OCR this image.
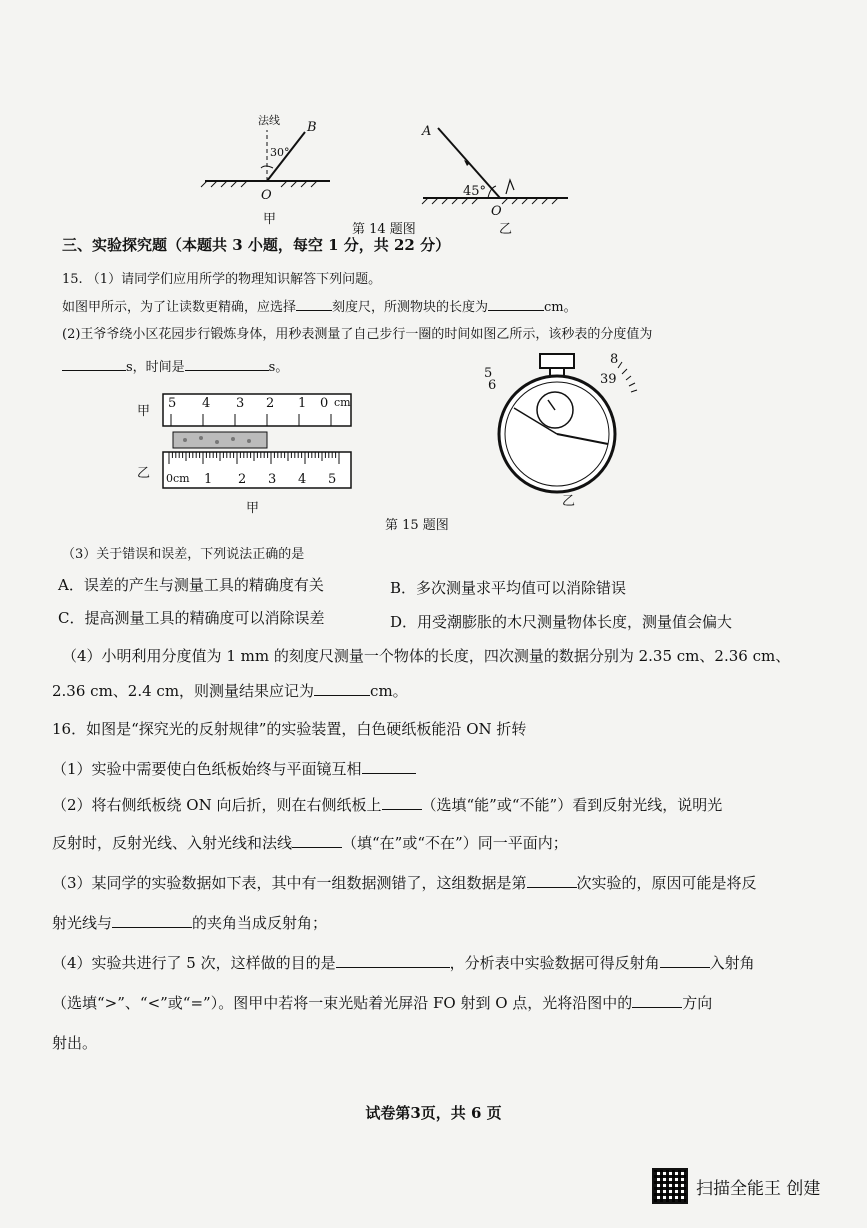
法线 B
30°
O
甲
A
45°
O
乙
第 14 题图
三、实验探究题（本题共 3 小题，每空 1 分，共 22 分）
15. （1）请同学们应用所学的物理知识解答下列问题。
如图甲所示，为了让读数更精确，应选择	刻度尺，所测物块的长度为	cm。
(2)王爷爷绕小区花园步行锻炼身体，用秒表测量了自己步行一圈的时间如图乙所示，该秒表的分度值为
s，时间是	s。
甲
cm
5 4 3 2 1 0
乙 0cm 1 2 3 4 5
甲
5
6
8
39
乙
第 15 题图
（3）关于错误和误差，下列说法正确的是
A．误差的产生与测量工具的精确度有关	B．多次测量求平均值可以消除错误
C．提高测量工具的精确度可以消除误差	D．用受潮膨胀的木尺测量物体长度，测量值会偏大
（4）小明利用分度值为 1 mm 的刻度尺测量一个物体的长度，四次测量的数据分别为 2.35 cm、2.36 cm、
2.36 cm、2.4 cm，则测量结果应记为	cm。
16．如图是“探究光的反射规律”的实验装置，白色硬纸板能沿 ON 折转
（1）实验中需要使白色纸板始终与平面镜互相
（2）将右侧纸板绕 ON 向后折，则在右侧纸板上	（选填“能”或“不能”）看到反射光线，说明光
反射时，反射光线、入射光线和法线	（填“在”或“不在”）同一平面内；
（3）某同学的实验数据如下表，其中有一组数据测错了，这组数据是第	次实验的，原因可能是将反
射光线与	的夹角当成反射角；
（4）实验共进行了 5 次，这样做的目的是	，分析表中实验数据可得反射角	入射角
（选填“>”、“<”或“=”）。图甲中若将一束光贴着光屏沿 FO 射到 O 点，光将沿图中的	方向
射出。
试卷第3页，共 6 页
扫描全能王 创建
